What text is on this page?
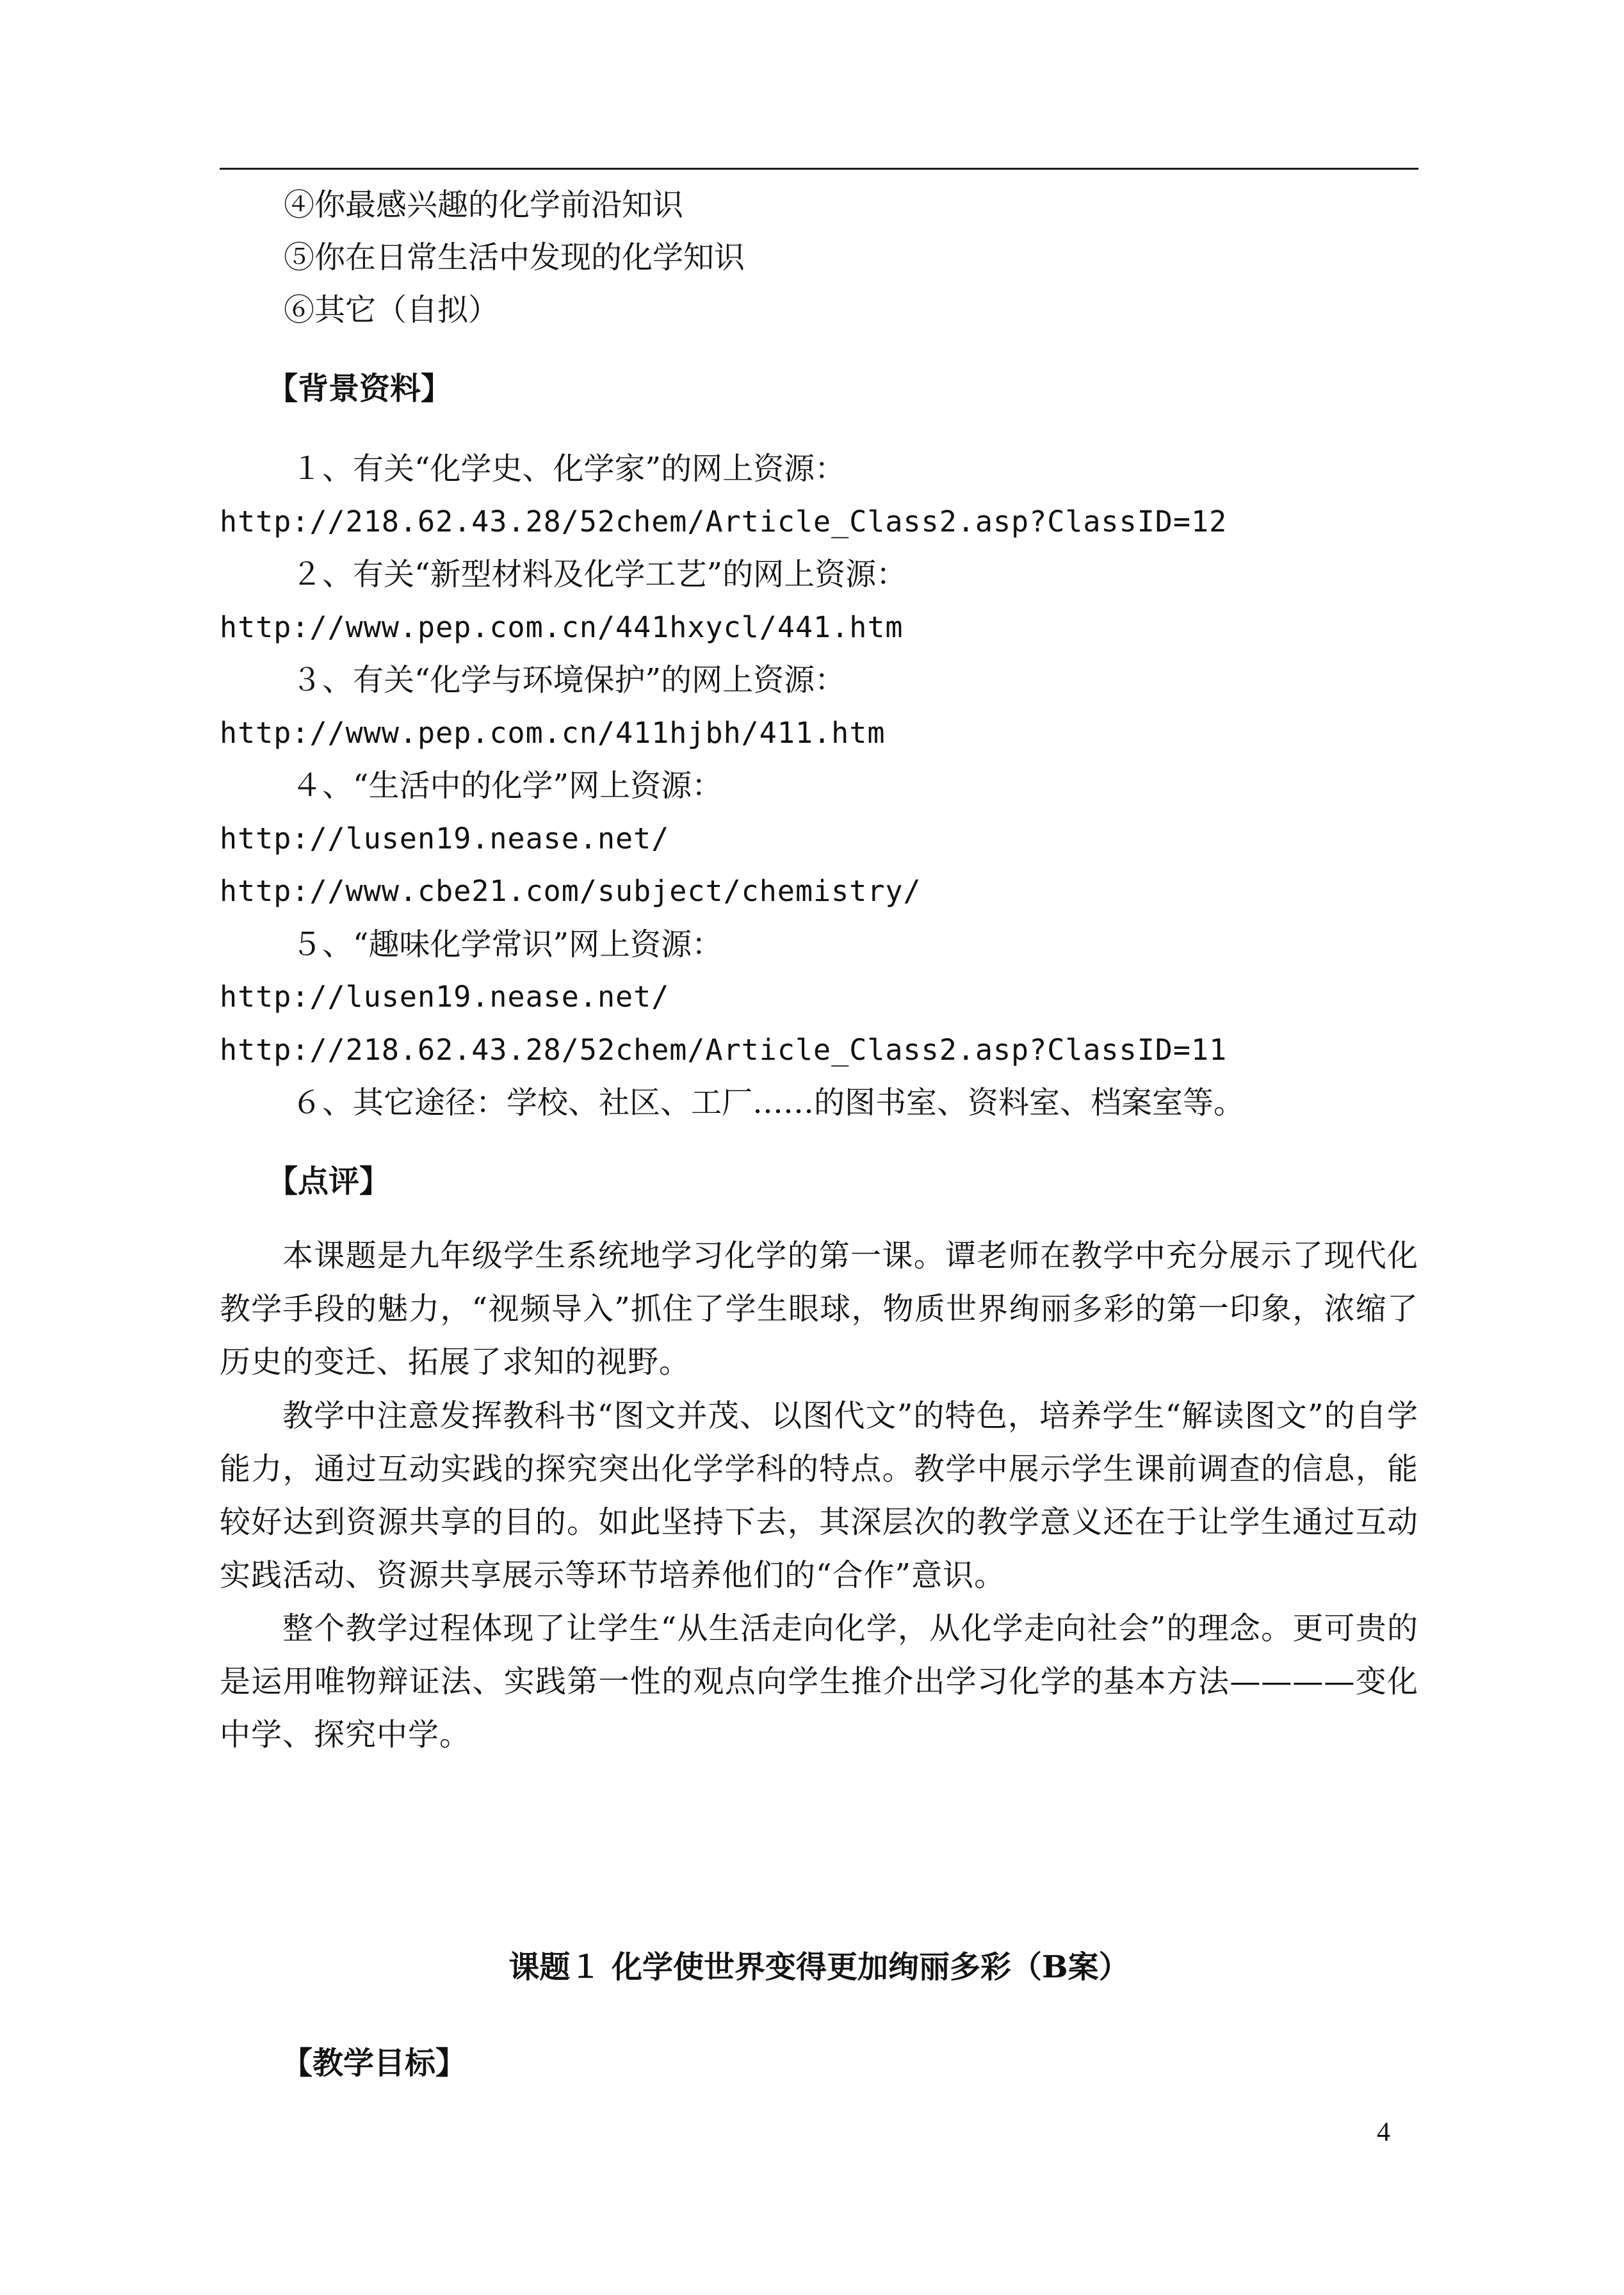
④你最感兴趣的化学前沿知识
⑤你在日常生活中发现的化学知识
⑥其它（自拟）
【背景资料】
１、有关“化学史、化学家”的网上资源：
http://218.62.43.28/52chem/Article_Class2.asp?ClassID=12
２、有关“新型材料及化学工艺”的网上资源：
http://www.pep.com.cn/441hxycl/441.htm
３、有关“化学与环境保护”的网上资源：
http://www.pep.com.cn/411hjbh/411.htm
４、“生活中的化学”网上资源：
http://lusen19.nease.net/
http://www.cbe21.com/subject/chemistry/
５、“趣味化学常识”网上资源：
http://lusen19.nease.net/
http://218.62.43.28/52chem/Article_Class2.asp?ClassID=11
６、其它途径：学校、社区、工厂……的图书室、资料室、档案室等。
【点评】
本课题是九年级学生系统地学习化学的第一课。谭老师在教学中充分展示了现代化教学手段的魅力，“视频导入”抓住了学生眼球，物质世界绚丽多彩的第一印象，浓缩了历史的变迁、拓展了求知的视野。
教学中注意发挥教科书“图文并茂、以图代文”的特色，培养学生“解读图文”的自学能力，通过互动实践的探究突出化学学科的特点。教学中展示学生课前调查的信息，能较好达到资源共享的目的。如此坚持下去，其深层次的教学意义还在于让学生通过互动实践活动、资源共享展示等环节培养他们的“合作”意识。
整个教学过程体现了让学生“从生活走向化学，从化学走向社会”的理念。更可贵的是运用唯物辩证法、实践第一性的观点向学生推介出学习化学的基本方法————变化中学、探究中学。
课题１ 化学使世界变得更加绚丽多彩（B案）
【教学目标】
4
